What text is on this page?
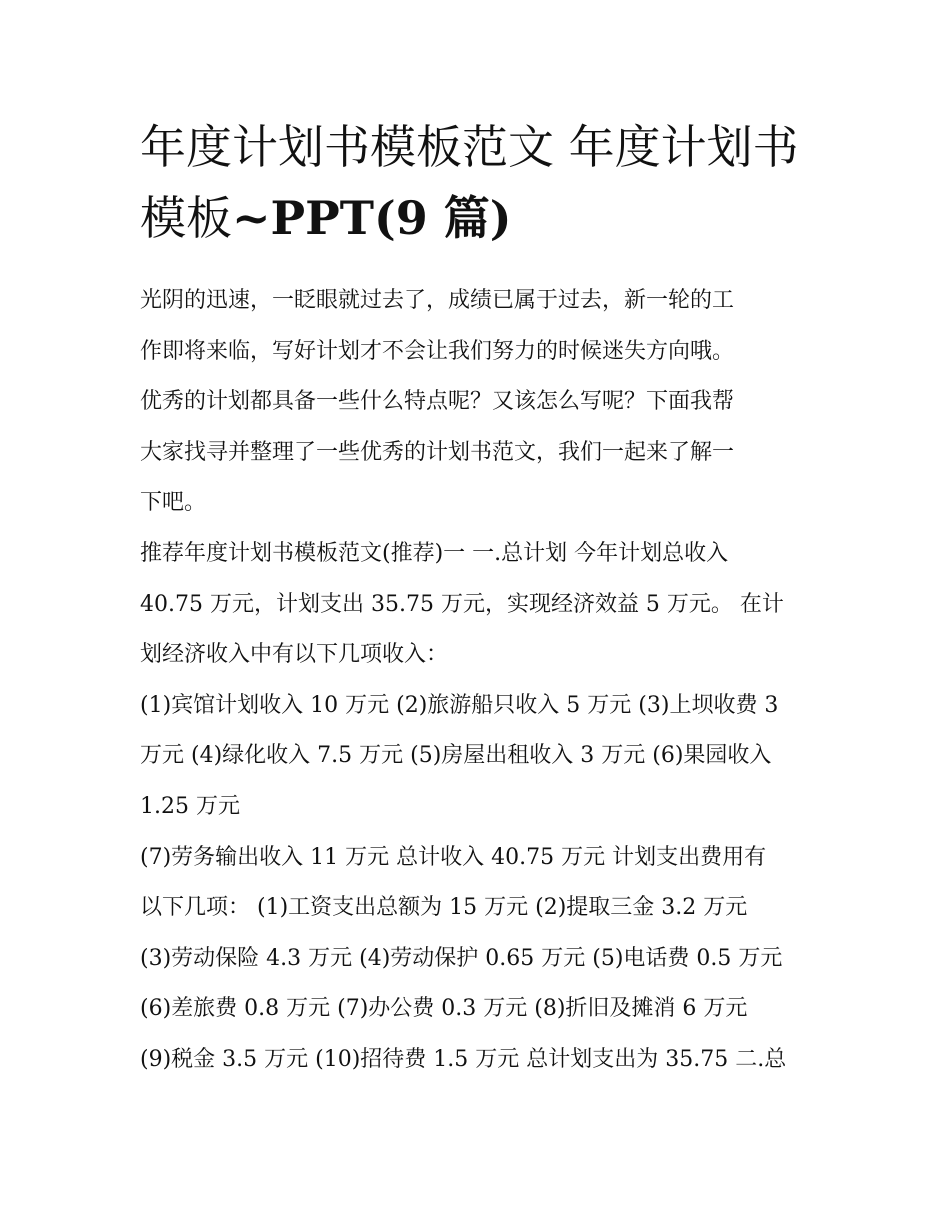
年度计划书模板范文 年度计划书模板~PPT(9 篇)
光阴的迅速，一眨眼就过去了，成绩已属于过去，新一轮的工
作即将来临，写好计划才不会让我们努力的时候迷失方向哦。
优秀的计划都具备一些什么特点呢？又该怎么写呢？下面我帮
大家找寻并整理了一些优秀的计划书范文，我们一起来了解一
下吧。
推荐年度计划书模板范文(推荐)一 一.总计划 今年计划总收入
40.75 万元，计划支出 35.75 万元，实现经济效益 5 万元。 在计
划经济收入中有以下几项收入：
(1)宾馆计划收入 10 万元 (2)旅游船只收入 5 万元 (3)上坝收费 3
万元 (4)绿化收入 7.5 万元 (5)房屋出租收入 3 万元 (6)果园收入
1.25 万元
(7)劳务输出收入 11 万元 总计收入 40.75 万元 计划支出费用有
以下几项： (1)工资支出总额为 15 万元 (2)提取三金 3.2 万元
(3)劳动保险 4.3 万元 (4)劳动保护 0.65 万元 (5)电话费 0.5 万元
(6)差旅费 0.8 万元 (7)办公费 0.3 万元 (8)折旧及摊消 6 万元
(9)税金 3.5 万元 (10)招待费 1.5 万元 总计划支出为 35.75 二.总
